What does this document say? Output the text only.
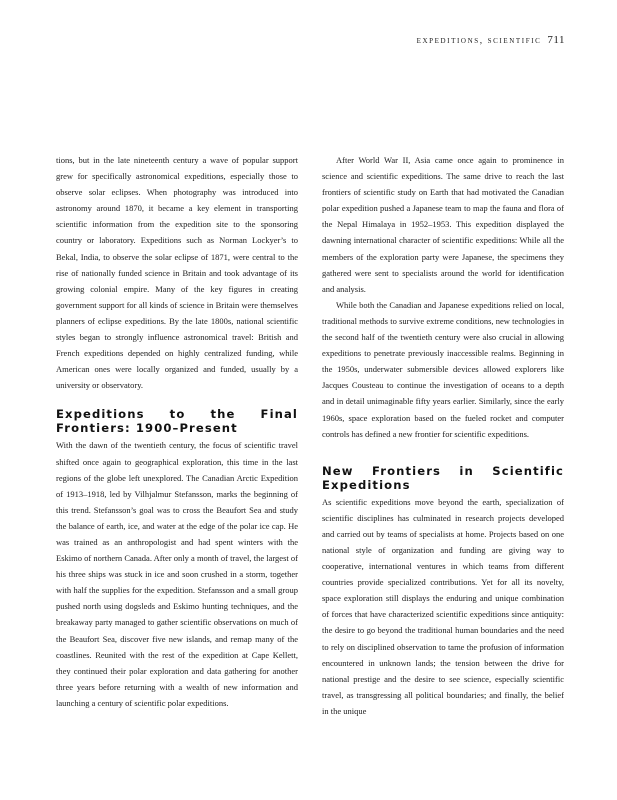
expeditions, scientific 711

tions, but in the late nineteenth century a wave of popular support grew for specifically astronomical expeditions, especially those to observe solar eclipses. When photography was introduced into astronomy around 1870, it became a key element in transporting scientific information from the expedition site to the sponsoring country or laboratory. Expeditions such as Norman Lockyer’s to Bekal, India, to observe the solar eclipse of 1871, were central to the rise of nationally funded science in Britain and took advantage of its growing colonial empire. Many of the key figures in creating government support for all kinds of science in Britain were themselves planners of eclipse expeditions. By the late 1800s, national scientific styles began to strongly influence astronomical travel: British and French expeditions depended on highly centralized funding, while American ones were locally organized and funded, usually by a university or observatory.

Expeditions to the Final Frontiers: 1900–Present

With the dawn of the twentieth century, the focus of scientific travel shifted once again to geographical exploration, this time in the last regions of the globe left unexplored. The Canadian Arctic Expedition of 1913–1918, led by Vilhjalmur Stefansson, marks the beginning of this trend. Stefansson’s goal was to cross the Beaufort Sea and study the balance of earth, ice, and water at the edge of the polar ice cap. He was trained as an anthropologist and had spent winters with the Eskimo of northern Canada. After only a month of travel, the largest of his three ships was stuck in ice and soon crushed in a storm, together with half the supplies for the expedition. Stefansson and a small group pushed north using dogsleds and Eskimo hunting techniques, and the breakaway party managed to gather scientific observations on much of the Beaufort Sea, discover five new islands, and remap many of the coastlines. Reunited with the rest of the expedition at Cape Kellett, they continued their polar exploration and data gathering for another three years before returning with a wealth of new information and launching a century of scientific polar expeditions.

After World War II, Asia came once again to prominence in science and scientific expeditions. The same drive to reach the last frontiers of scientific study on Earth that had motivated the Canadian polar expedition pushed a Japanese team to map the fauna and flora of the Nepal Himalaya in 1952–1953. This expedition displayed the dawning international character of scientific expeditions: While all the members of the exploration party were Japanese, the specimens they gathered were sent to specialists around the world for identification and analysis.

While both the Canadian and Japanese expeditions relied on local, traditional methods to survive extreme conditions, new technologies in the second half of the twentieth century were also crucial in allowing expeditions to penetrate previously inaccessible realms. Beginning in the 1950s, underwater submersible devices allowed explorers like Jacques Cousteau to continue the investigation of oceans to a depth and in detail unimaginable fifty years earlier. Similarly, since the early 1960s, space exploration based on the fueled rocket and computer controls has defined a new frontier for scientific expeditions.

New Frontiers in Scientific Expeditions

As scientific expeditions move beyond the earth, specialization of scientific disciplines has culminated in research projects developed and carried out by teams of specialists at home. Projects based on one national style of organization and funding are giving way to cooperative, international ventures in which teams from different countries provide specialized contributions. Yet for all its novelty, space exploration still displays the enduring and unique combination of forces that have characterized scientific expeditions since antiquity: the desire to go beyond the traditional human boundaries and the need to rely on disciplined observation to tame the profusion of information encountered in unknown lands; the tension between the drive for national prestige and the desire to see science, especially scientific travel, as transgressing all political boundaries; and finally, the belief in the unique
